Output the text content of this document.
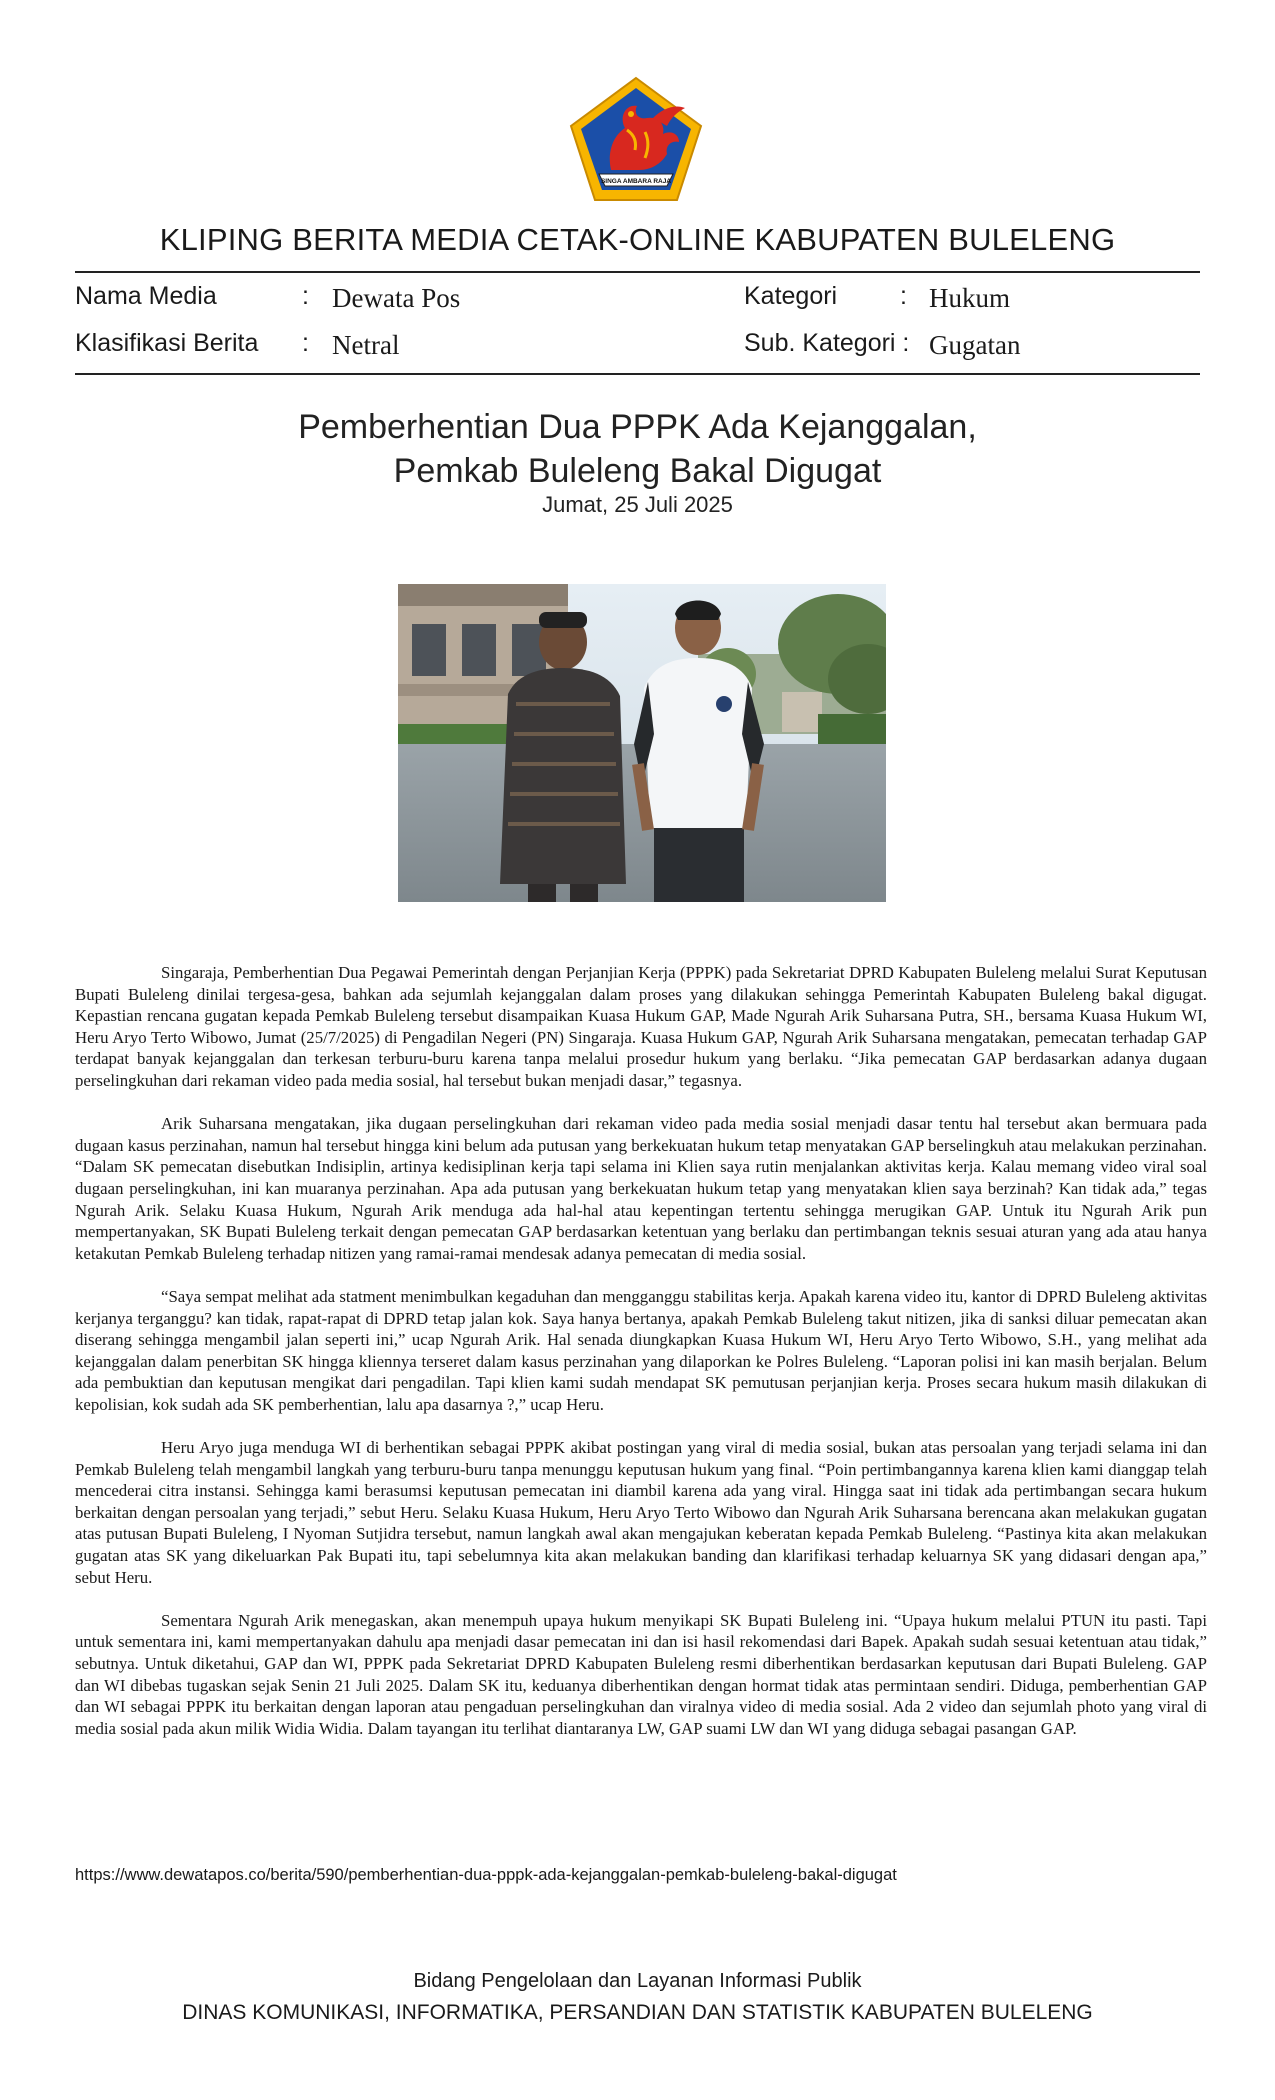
SINGA AMBARA RAJA
KLIPING BERITA MEDIA CETAK-ONLINE KABUPATEN BULELENG
Nama Media	: Dewata Pos	Kategori	: Hukum
Klasifikasi Berita : Netral	Sub. Kategori : Gugatan
Pemberhentian Dua PPPK Ada Kejanggalan,
Pemkab Buleleng Bakal Digugat
Jumat, 25 Juli 2025

Singaraja, Pemberhentian Dua Pegawai Pemerintah dengan Perjanjian Kerja (PPPK) pada Sekretariat DPRD Kabupaten Buleleng melalui Surat Keputusan Bupati Buleleng dinilai tergesa-gesa, bahkan ada sejumlah kejanggalan dalam proses yang dilakukan sehingga Pemerintah Kabupaten Buleleng bakal digugat. Kepastian rencana gugatan kepada Pemkab Buleleng tersebut disampaikan Kuasa Hukum GAP, Made Ngurah Arik Suharsana Putra, SH., bersama Kuasa Hukum WI, Heru Aryo Terto Wibowo, Jumat (25/7/2025) di Pengadilan Negeri (PN) Singaraja. Kuasa Hukum GAP, Ngurah Arik Suharsana mengatakan, pemecatan terhadap GAP terdapat banyak kejanggalan dan terkesan terburu-buru karena tanpa melalui prosedur hukum yang berlaku. “Jika pemecatan GAP berdasarkan adanya dugaan perselingkuhan dari rekaman video pada media sosial, hal tersebut bukan menjadi dasar,” tegasnya.

Arik Suharsana mengatakan, jika dugaan perselingkuhan dari rekaman video pada media sosial menjadi dasar tentu hal tersebut akan bermuara pada dugaan kasus perzinahan, namun hal tersebut hingga kini belum ada putusan yang berkekuatan hukum tetap menyatakan GAP berselingkuh atau melakukan perzinahan. “Dalam SK pemecatan disebutkan Indisiplin, artinya kedisiplinan kerja tapi selama ini Klien saya rutin menjalankan aktivitas kerja. Kalau memang video viral soal dugaan perselingkuhan, ini kan muaranya perzinahan. Apa ada putusan yang berkekuatan hukum tetap yang menyatakan klien saya berzinah? Kan tidak ada,” tegas Ngurah Arik. Selaku Kuasa Hukum, Ngurah Arik menduga ada hal-hal atau kepentingan tertentu sehingga merugikan GAP. Untuk itu Ngurah Arik pun mempertanyakan, SK Bupati Buleleng terkait dengan pemecatan GAP berdasarkan ketentuan yang berlaku dan pertimbangan teknis sesuai aturan yang ada atau hanya ketakutan Pemkab Buleleng terhadap nitizen yang ramai-ramai mendesak adanya pemecatan di media sosial.

“Saya sempat melihat ada statment menimbulkan kegaduhan dan mengganggu stabilitas kerja. Apakah karena video itu, kantor di DPRD Buleleng aktivitas kerjanya terganggu? kan tidak, rapat-rapat di DPRD tetap jalan kok. Saya hanya bertanya, apakah Pemkab Buleleng takut nitizen, jika di sanksi diluar pemecatan akan diserang sehingga mengambil jalan seperti ini,” ucap Ngurah Arik. Hal senada diungkapkan Kuasa Hukum WI, Heru Aryo Terto Wibowo, S.H., yang melihat ada kejanggalan dalam penerbitan SK hingga kliennya terseret dalam kasus perzinahan yang dilaporkan ke Polres Buleleng. “Laporan polisi ini kan masih berjalan. Belum ada pembuktian dan keputusan mengikat dari pengadilan. Tapi klien kami sudah mendapat SK pemutusan perjanjian kerja. Proses secara hukum masih dilakukan di kepolisian, kok sudah ada SK pemberhentian, lalu apa dasarnya ?,” ucap Heru.

Heru Aryo juga menduga WI di berhentikan sebagai PPPK akibat postingan yang viral di media sosial, bukan atas persoalan yang terjadi selama ini dan Pemkab Buleleng telah mengambil langkah yang terburu-buru tanpa menunggu keputusan hukum yang final. “Poin pertimbangannya karena klien kami dianggap telah mencederai citra instansi. Sehingga kami berasumsi keputusan pemecatan ini diambil karena ada yang viral. Hingga saat ini tidak ada pertimbangan secara hukum berkaitan dengan persoalan yang terjadi,” sebut Heru. Selaku Kuasa Hukum, Heru Aryo Terto Wibowo dan Ngurah Arik Suharsana berencana akan melakukan gugatan atas putusan Bupati Buleleng, I Nyoman Sutjidra tersebut, namun langkah awal akan mengajukan keberatan kepada Pemkab Buleleng. “Pastinya kita akan melakukan gugatan atas SK yang dikeluarkan Pak Bupati itu, tapi sebelumnya kita akan melakukan banding dan klarifikasi terhadap keluarnya SK yang didasari dengan apa,” sebut Heru.

Sementara Ngurah Arik menegaskan, akan menempuh upaya hukum menyikapi SK Bupati Buleleng ini. “Upaya hukum melalui PTUN itu pasti. Tapi untuk sementara ini, kami mempertanyakan dahulu apa menjadi dasar pemecatan ini dan isi hasil rekomendasi dari Bapek. Apakah sudah sesuai ketentuan atau tidak,” sebutnya. Untuk diketahui, GAP dan WI, PPPK pada Sekretariat DPRD Kabupaten Buleleng resmi diberhentikan berdasarkan keputusan dari Bupati Buleleng. GAP dan WI dibebas tugaskan sejak Senin 21 Juli 2025. Dalam SK itu, keduanya diberhentikan dengan hormat tidak atas permintaan sendiri. Diduga, pemberhentian GAP dan WI sebagai PPPK itu berkaitan dengan laporan atau pengaduan perselingkuhan dan viralnya video di media sosial. Ada 2 video dan sejumlah photo yang viral di media sosial pada akun milik Widia Widia. Dalam tayangan itu terlihat diantaranya LW, GAP suami LW dan WI yang diduga sebagai pasangan GAP.

https://www.dewatapos.co/berita/590/pemberhentian-dua-pppk-ada-kejanggalan-pemkab-buleleng-bakal-digugat
Bidang Pengelolaan dan Layanan Informasi Publik
DINAS KOMUNIKASI, INFORMATIKA, PERSANDIAN DAN STATISTIK KABUPATEN BULELENG
